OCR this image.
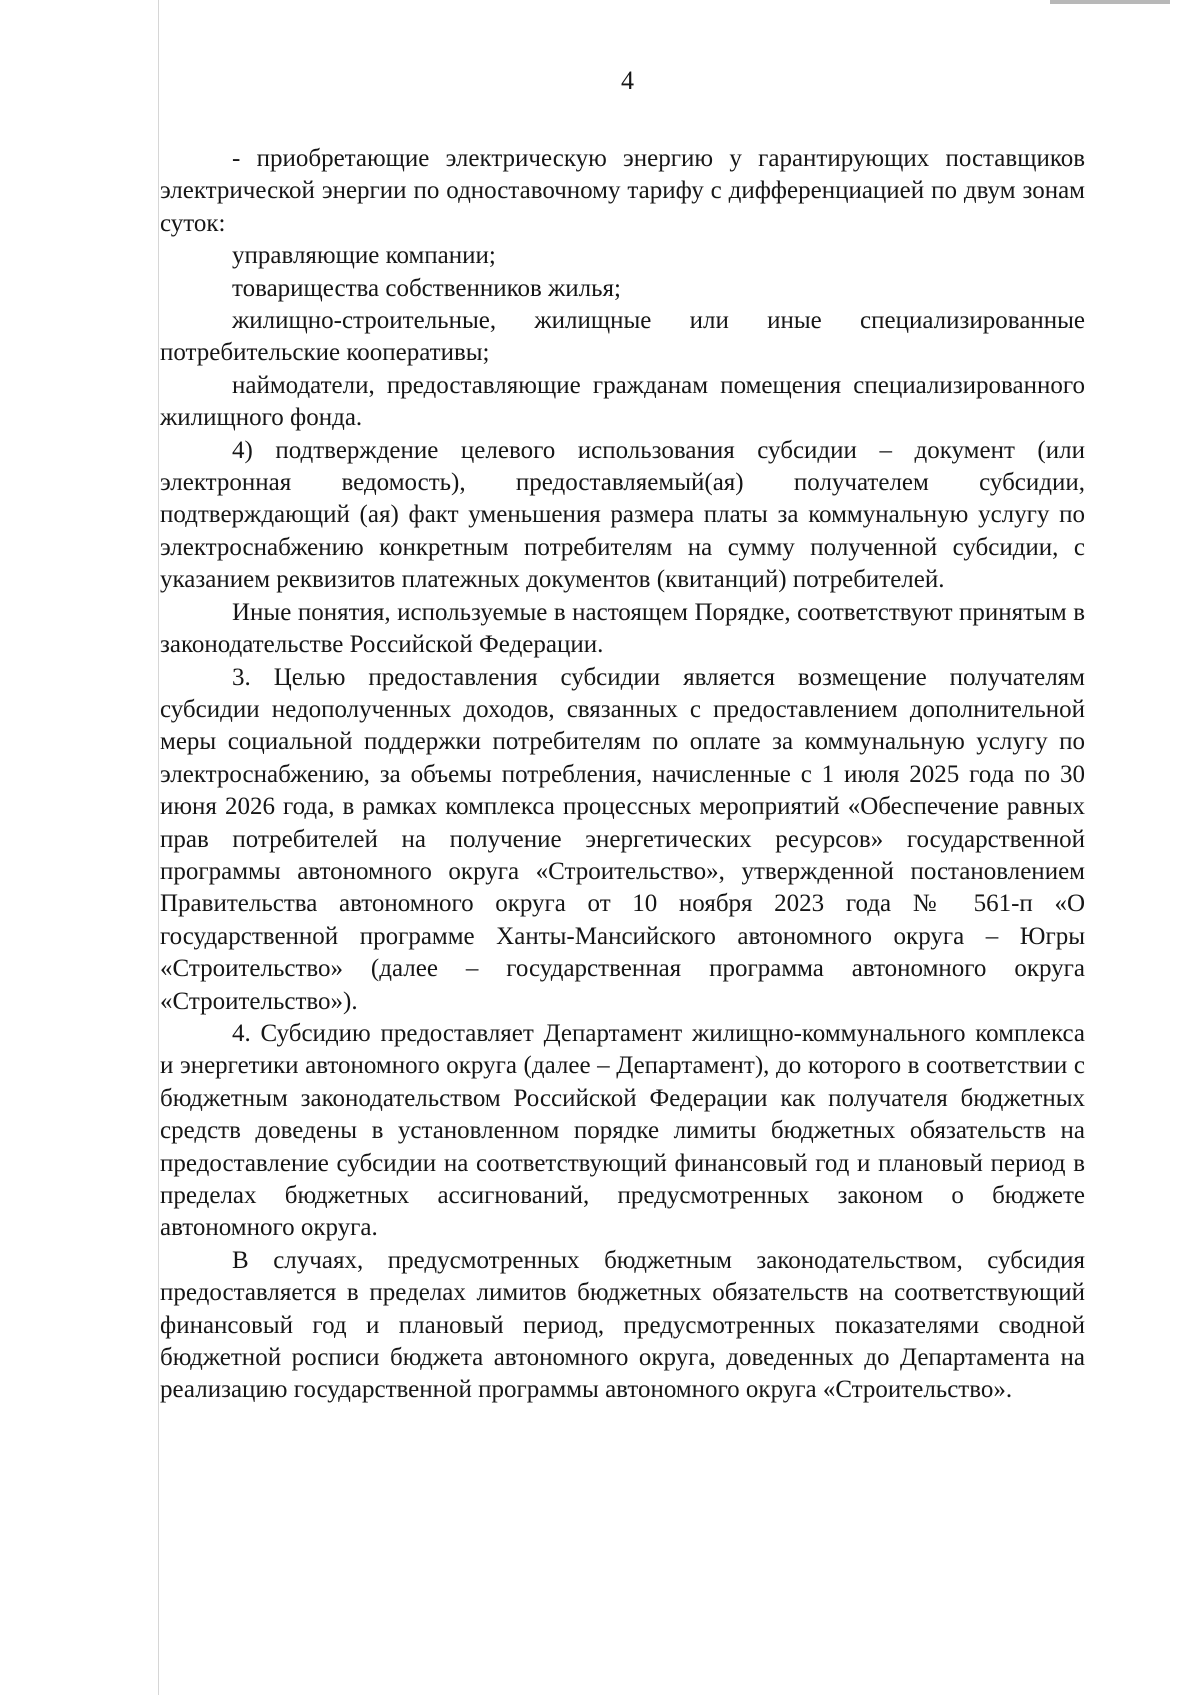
4

- приобретающие электрическую энергию у гарантирующих поставщиков электрической энергии по одноставочному тарифу с дифференциацией по двум зонам суток:

управляющие компании;

товарищества собственников жилья;

жилищно-строительные, жилищные или иные специализированные потребительские кооперативы;

наймодатели, предоставляющие гражданам помещения специализированного жилищного фонда.

4) подтверждение целевого использования субсидии – документ (или электронная ведомость), предоставляемый(ая) получателем субсидии, подтверждающий (ая) факт уменьшения размера платы за коммунальную услугу по электроснабжению конкретным потребителям на сумму полученной субсидии, с указанием реквизитов платежных документов (квитанций) потребителей.

Иные понятия, используемые в настоящем Порядке, соответствуют принятым в законодательстве Российской Федерации.

3. Целью предоставления субсидии является возмещение получателям субсидии недополученных доходов, связанных с предоставлением дополнительной меры социальной поддержки потребителям по оплате за коммунальную услугу по электроснабжению, за объемы потребления, начисленные с 1 июля 2025 года по 30 июня 2026 года, в рамках комплекса процессных мероприятий «Обеспечение равных прав потребителей на получение энергетических ресурсов» государственной программы автономного округа «Строительство», утвержденной постановлением Правительства автономного округа от 10 ноября 2023 года № 561-п «О государственной программе Ханты-Мансийского автономного округа – Югры «Строительство» (далее – государственная программа автономного округа «Строительство»).

4. Субсидию предоставляет Департамент жилищно-коммунального комплекса и энергетики автономного округа (далее – Департамент), до которого в соответствии с бюджетным законодательством Российской Федерации как получателя бюджетных средств доведены в установленном порядке лимиты бюджетных обязательств на предоставление субсидии на соответствующий финансовый год и плановый период в пределах бюджетных ассигнований, предусмотренных законом о бюджете автономного округа.

В случаях, предусмотренных бюджетным законодательством, субсидия предоставляется в пределах лимитов бюджетных обязательств на соответствующий финансовый год и плановый период, предусмотренных показателями сводной бюджетной росписи бюджета автономного округа, доведенных до Департамента на реализацию государственной программы автономного округа «Строительство».
